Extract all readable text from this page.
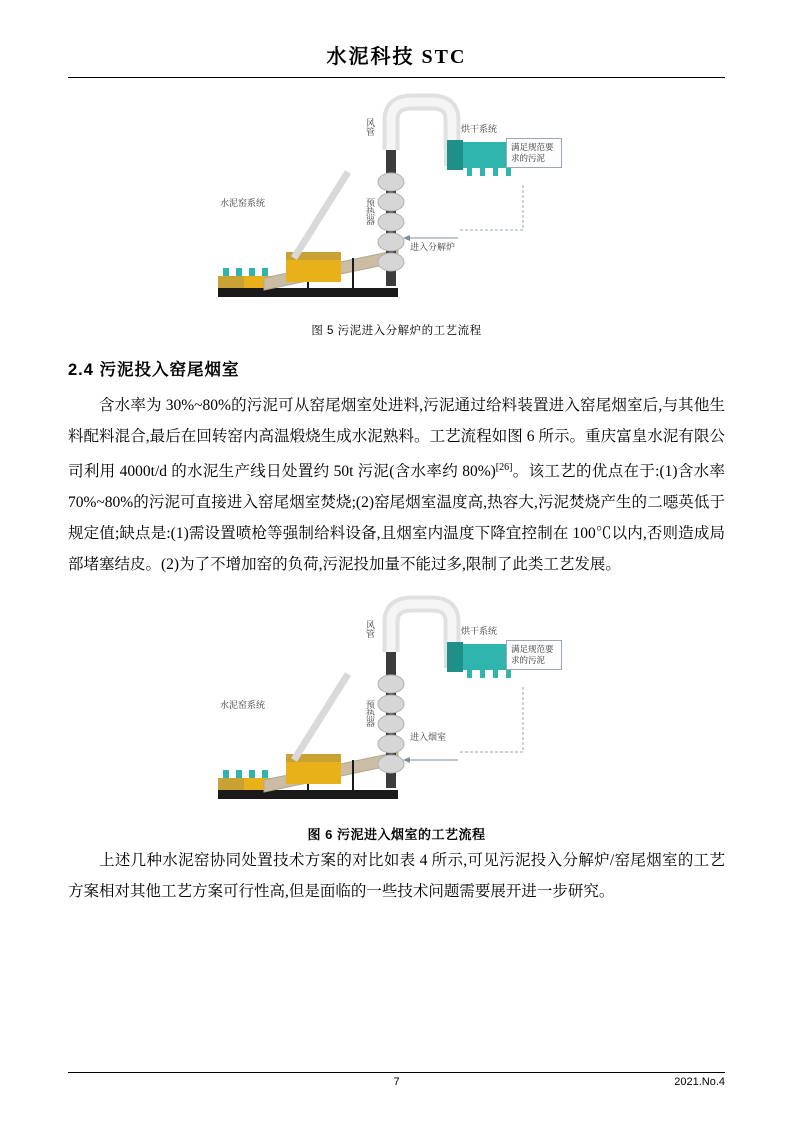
水泥科技 STC
风管
预热器
烘干系统
水泥窑系统
进入分解炉
满足规范要求的污泥
图 5 污泥进入分解炉的工艺流程
2.4 污泥投入窑尾烟室

含水率为 30%~80%的污泥可从窑尾烟室处进料,污泥通过给料装置进入窑尾烟室后,与其他生料配料混合,最后在回转窑内高温煅烧生成水泥熟料。工艺流程如图 6 所示。重庆富皇水泥有限公司利用 4000t/d 的水泥生产线日处置约 50t 污泥(含水率约 80%)[26]。该工艺的优点在于:(1)含水率 70%~80%的污泥可直接进入窑尾烟室焚烧;(2)窑尾烟室温度高,热容大,污泥焚烧产生的二噁英低于规定值;缺点是:(1)需设置喷枪等强制给料设备,且烟室内温度下降宜控制在 100℃以内,否则造成局部堵塞结皮。(2)为了不增加窑的负荷,污泥投加量不能过多,限制了此类工艺发展。

风管
预热器
烘干系统
水泥窑系统
进入烟室
满足规范要求的污泥
图 6 污泥进入烟室的工艺流程

上述几种水泥窑协同处置技术方案的对比如表 4 所示,可见污泥投入分解炉/窑尾烟室的工艺方案相对其他工艺方案可行性高,但是面临的一些技术问题需要展开进一步研究。

7	2021.No.4
